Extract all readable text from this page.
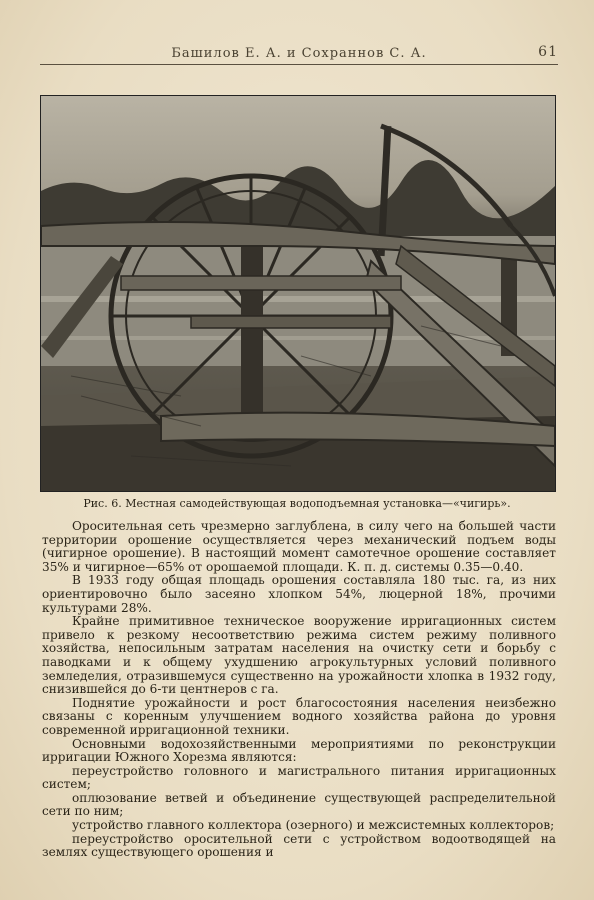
Башилов Е. А. и Сохраннов С. А.	61
Рис. 6. Местная самодействующая водоподъемная установка—«чигирь».

Оросительная сеть чрезмерно заглублена, в силу чего на большей части территории орошение осуществляется через механический подъем воды (чигирное орошение). В настоящий момент самотечное орошение составляет 35% и чигирное—65% от орошаемой площади. К. п. д. системы 0.35—0.40.

В 1933 году общая площадь орошения составляла 180 тыс. га, из них ориентировочно было засеяно хлопком 54%, люцерной 18%, прочими культурами 28%.

Крайне примитивное техническое вооружение ирригационных систем привело к резкому несоответствию режима систем режиму поливного хозяйства, непосильным затратам населения на очистку сети и борьбу с паводками и к общему ухудшению агрокультурных условий поливного земледелия, отразившемуся существенно на урожайности хлопка в 1932 году, снизившейся до 6-ти центнеров с га.

Поднятие урожайности и рост благосостояния населения неизбежно связаны с коренным улучшением водного хозяйства района до уровня современной ирригационной техники.

Основными водохозяйственными мероприятиями по реконструкции ирригации Южного Хорезма являются:

переустройство головного и магистрального питания ирригационных систем;

оплюзование ветвей и объединение существующей распределительной сети по ним;

устройство главного коллектора (озерного) и межсистемных коллекторов;

переустройство оросительной сети с устройством водоотводящей на землях существующего орошения и
